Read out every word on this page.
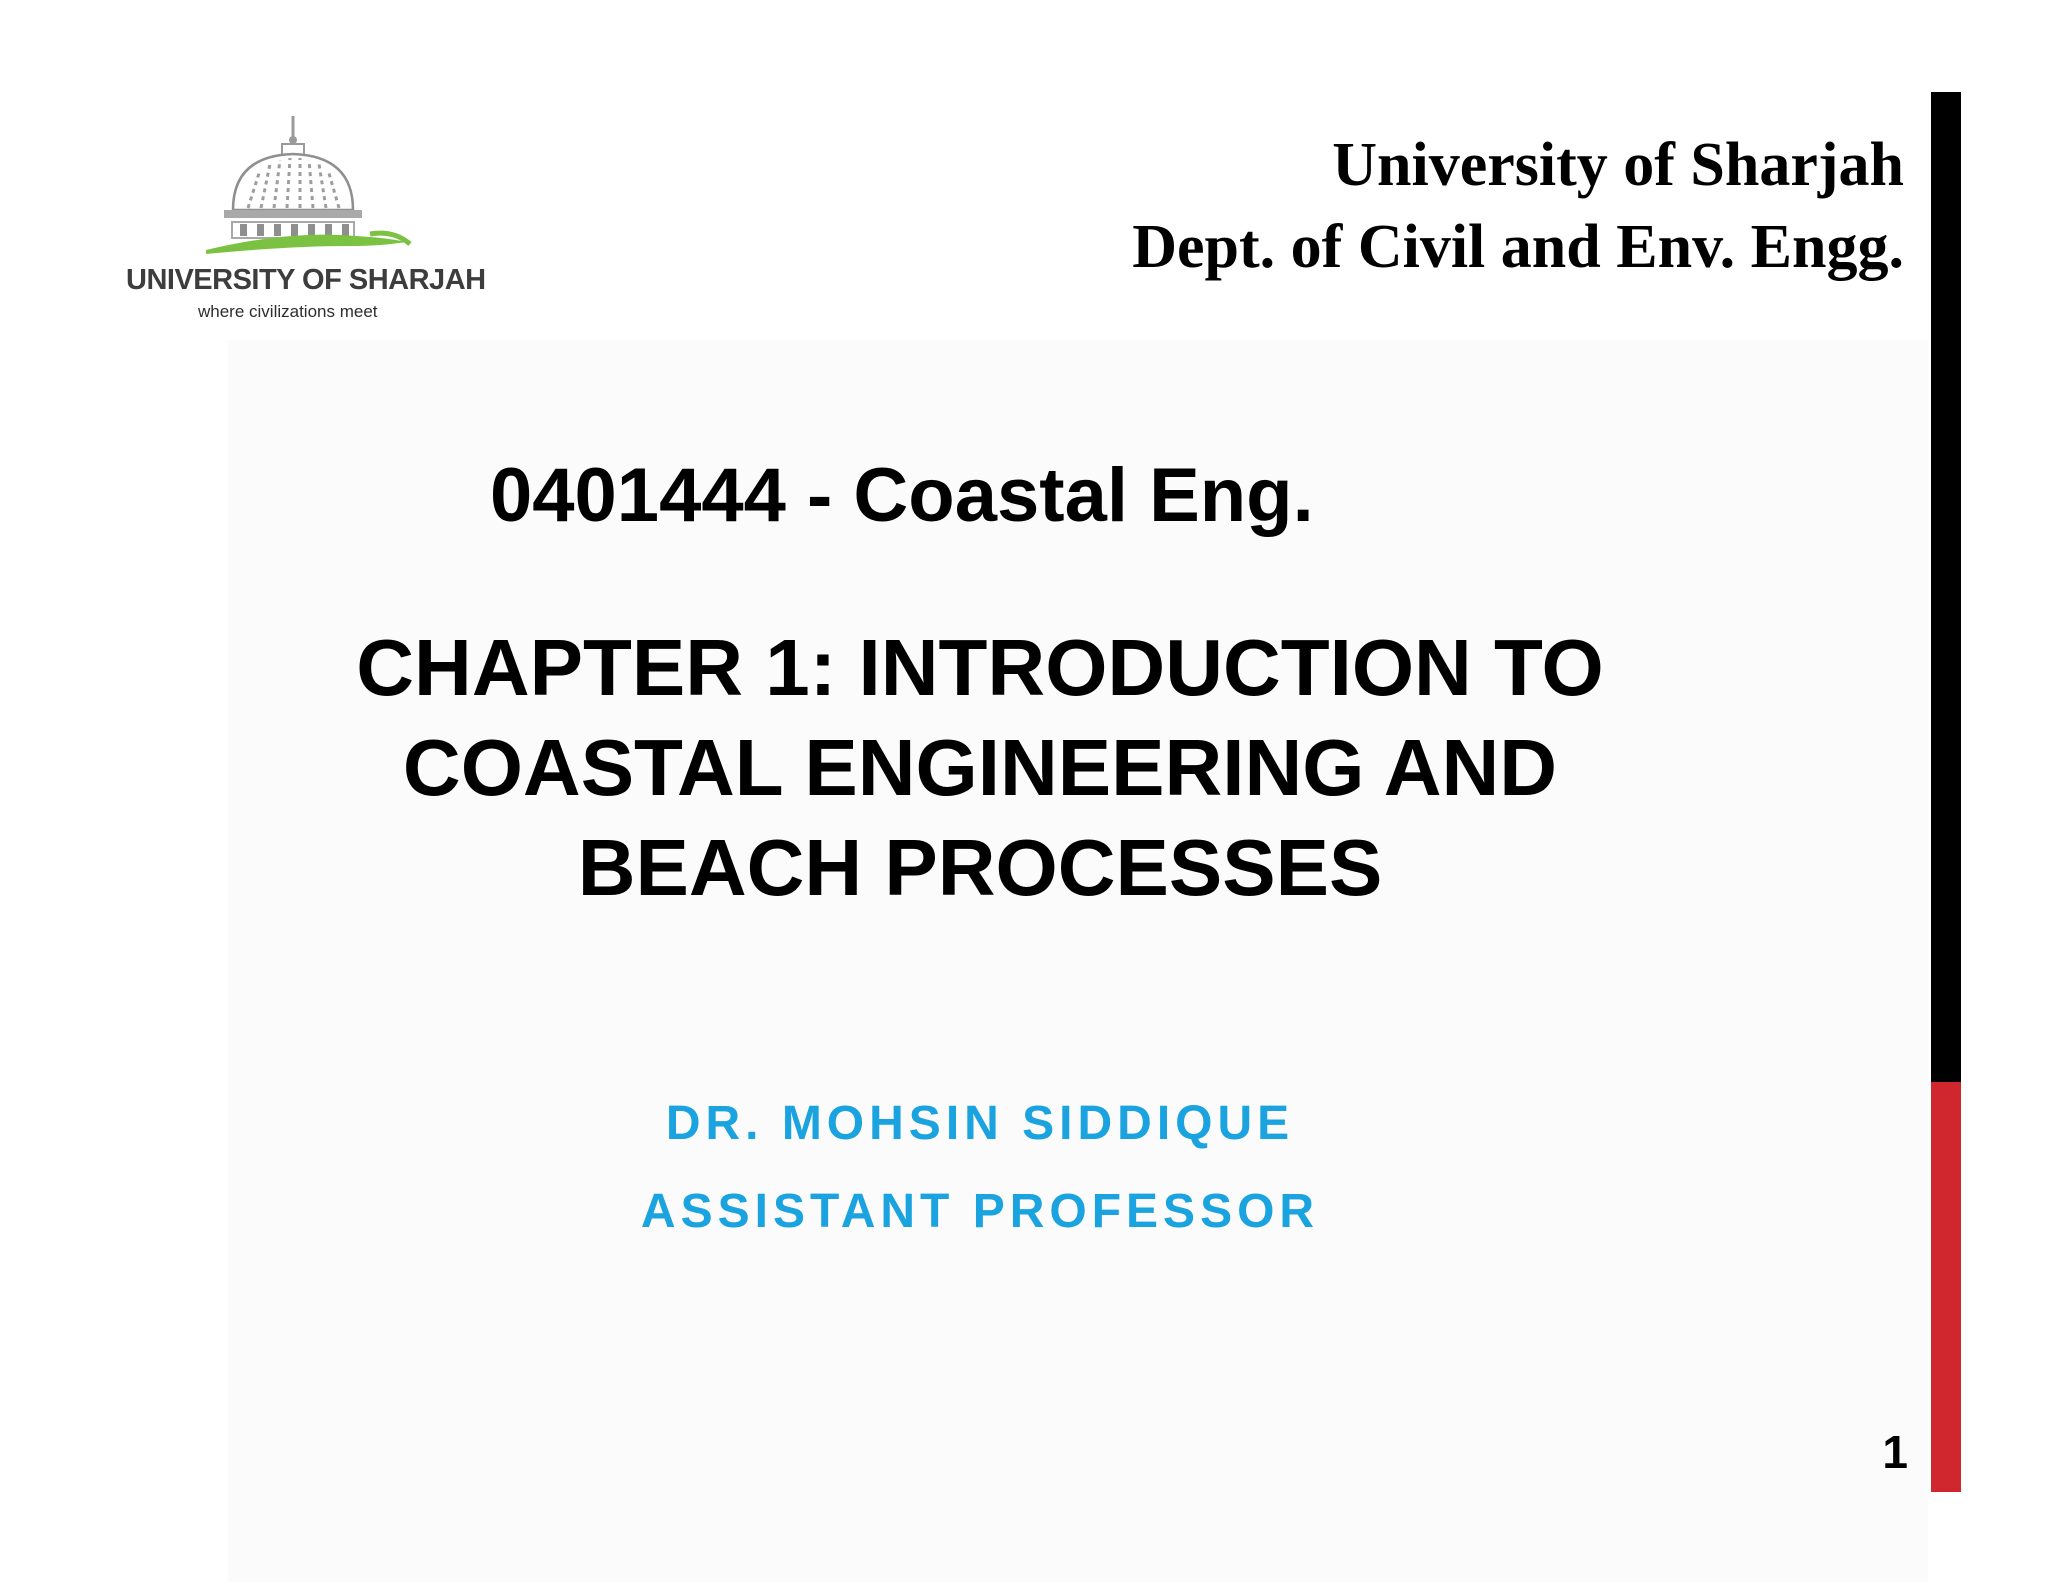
UNIVERSITY OF SHARJAH
where civilizations meet
University of Sharjah
Dept. of Civil and Env. Engg.
0401444 - Coastal Eng.
CHAPTER 1: INTRODUCTION TO
COASTAL ENGINEERING AND
BEACH PROCESSES
DR. MOHSIN SIDDIQUE
ASSISTANT PROFESSOR
1
